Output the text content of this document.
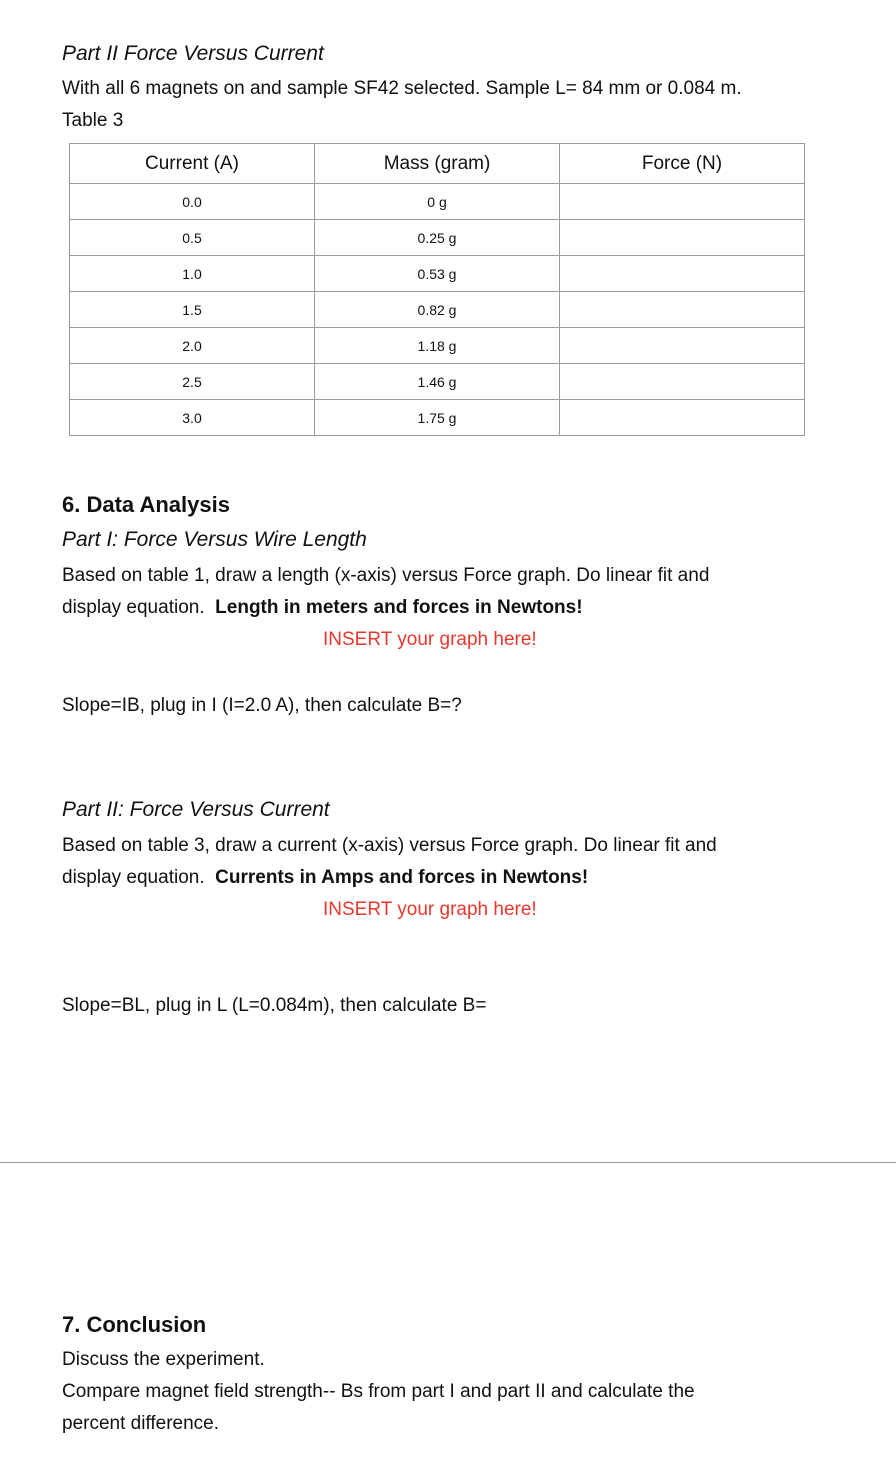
Part II Force Versus Current
With all 6 magnets on and sample SF42 selected. Sample L= 84 mm or 0.084 m.
Table 3
Current (A)	Mass (gram)	Force (N)
0.0	0 g	
0.5	0.25 g	
1.0	0.53 g	
1.5	0.82 g	
2.0	1.18 g	
2.5	1.46 g	
3.0	1.75 g	
6. Data Analysis
Part I: Force Versus Wire Length
Based on table 1, draw a length (x-axis) versus Force graph. Do linear fit and
display equation.  Length in meters and forces in Newtons!
INSERT your graph here!
Slope=IB, plug in I (I=2.0 A), then calculate B=?
Part II: Force Versus Current
Based on table 3, draw a current (x-axis) versus Force graph. Do linear fit and
display equation.  Currents in Amps and forces in Newtons!
INSERT your graph here!
Slope=BL, plug in L (L=0.084m), then calculate B=
7. Conclusion
Discuss the experiment.
Compare magnet field strength-- Bs from part I and part II and calculate the
percent difference.
